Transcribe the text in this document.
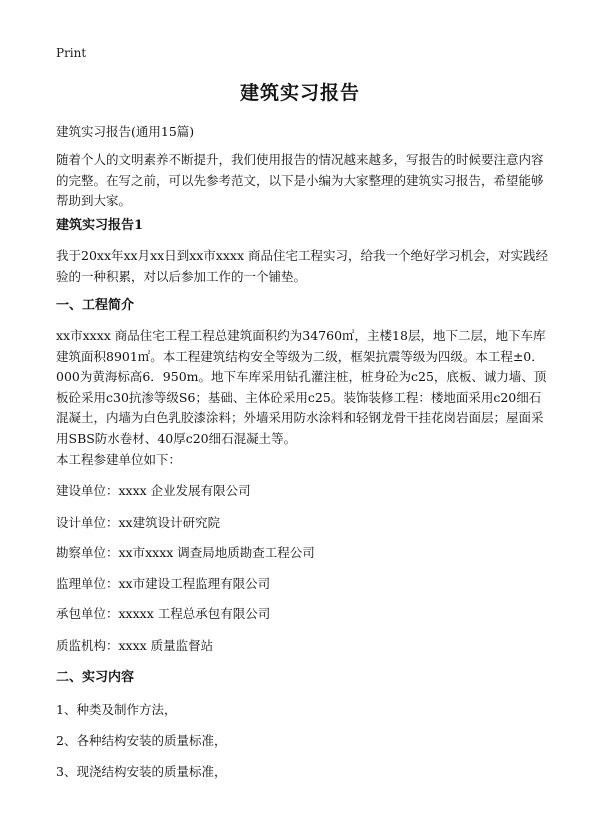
Print
建筑实习报告
建筑实习报告(通用15篇)
随着个人的文明素养不断提升，我们使用报告的情况越来越多，写报告的时候要注意内容的完整。在写之前，可以先参考范文，以下是小编为大家整理的建筑实习报告，希望能够帮助到大家。
建筑实习报告1
我于20xx年xx月xx日到xx市xxxx 商品住宅工程实习，给我一个绝好学习机会，对实践经验的一种积累，对以后参加工作的一个铺垫。
一、工程简介
xx市xxxx 商品住宅工程工程总建筑面积约为34760㎡，主楼18层，地下二层，地下车库建筑面积8901㎡。本工程建筑结构安全等级为二级，框架抗震等级为四级。本工程±0．000为黄海标高6．950m。地下车库采用钻孔灌注桩，桩身砼为c25，底板、诚力墙、顶板砼采用c30抗渗等级S6；基础、主体砼采用c25。装饰装修工程：楼地面采用c20细石混凝土，内墙为白色乳胶漆涂料；外墙采用防水涂料和轻钢龙骨干挂花岗岩面层；屋面采用SBS防水卷材、40厚c20细石混凝土等。
本工程参建单位如下：
建设单位：xxxx 企业发展有限公司
设计单位：xx建筑设计研究院
勘察单位：xx市xxxx 调查局地质勘查工程公司
监理单位：xx市建设工程监理有限公司
承包单位：xxxxx 工程总承包有限公司
质监机构：xxxx 质量监督站
二、实习内容
1、种类及制作方法，
2、各种结构安装的质量标准，
3、现浇结构安装的质量标准，
